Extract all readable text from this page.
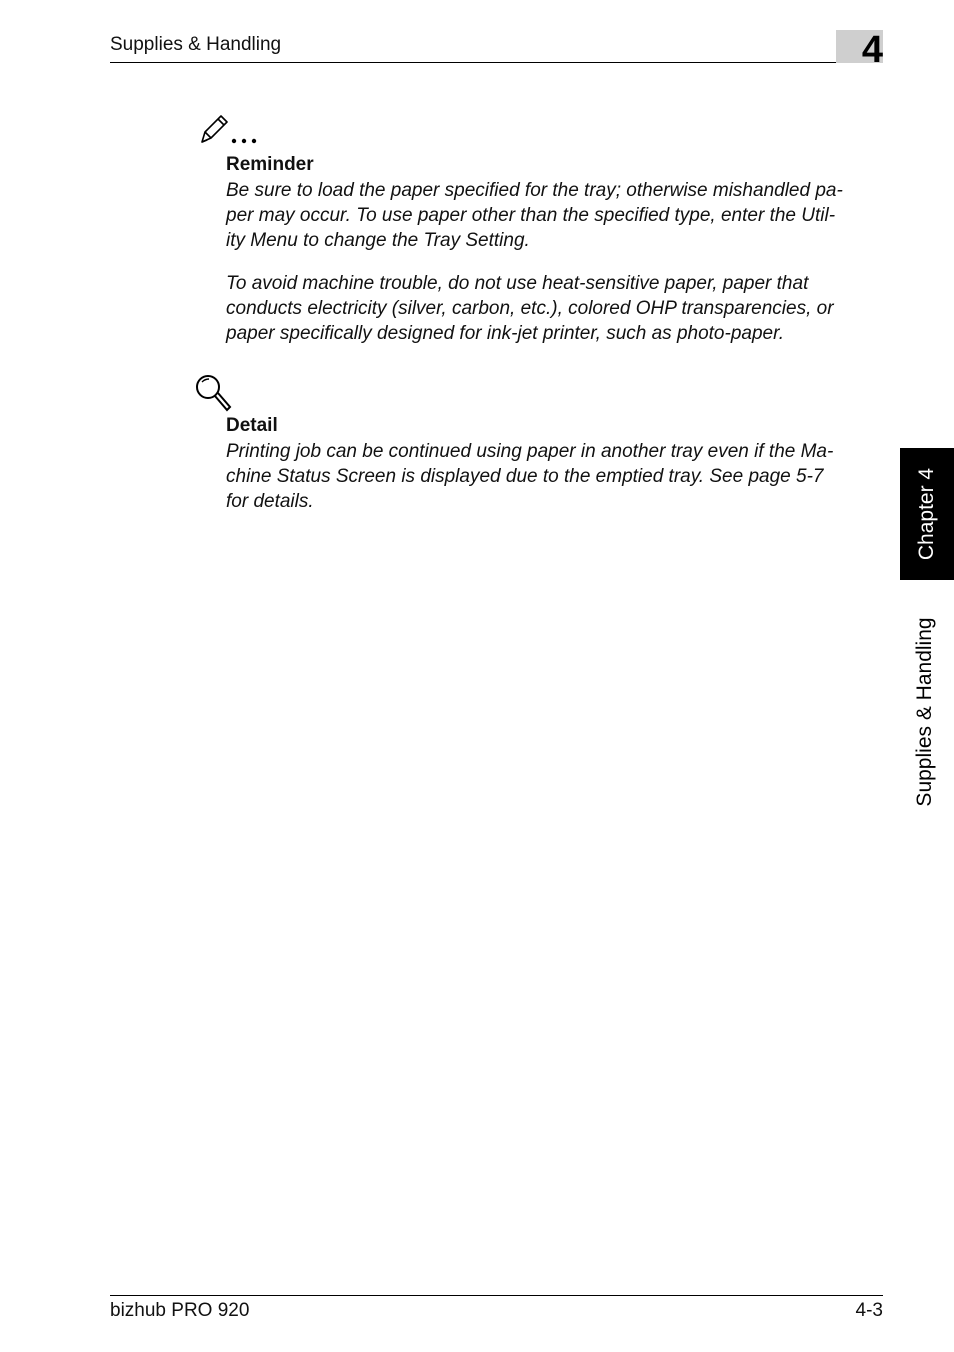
Supplies & Handling	4
Reminder

Be sure to load the paper specified for the tray; otherwise mishandled pa-
per may occur. To use paper other than the specified type, enter the Util-
ity Menu to change the Tray Setting.

To avoid machine trouble, do not use heat-sensitive paper, paper that
conducts electricity (silver, carbon, etc.), colored OHP transparencies, or
paper specifically designed for ink-jet printer, such as photo-paper.

Detail

Printing job can be continued using paper in another tray even if the Ma-
chine Status Screen is displayed due to the emptied tray. See page 5-7
for details.	Chapter 4
Supplies & Handling
bizhub PRO 920	4-3
